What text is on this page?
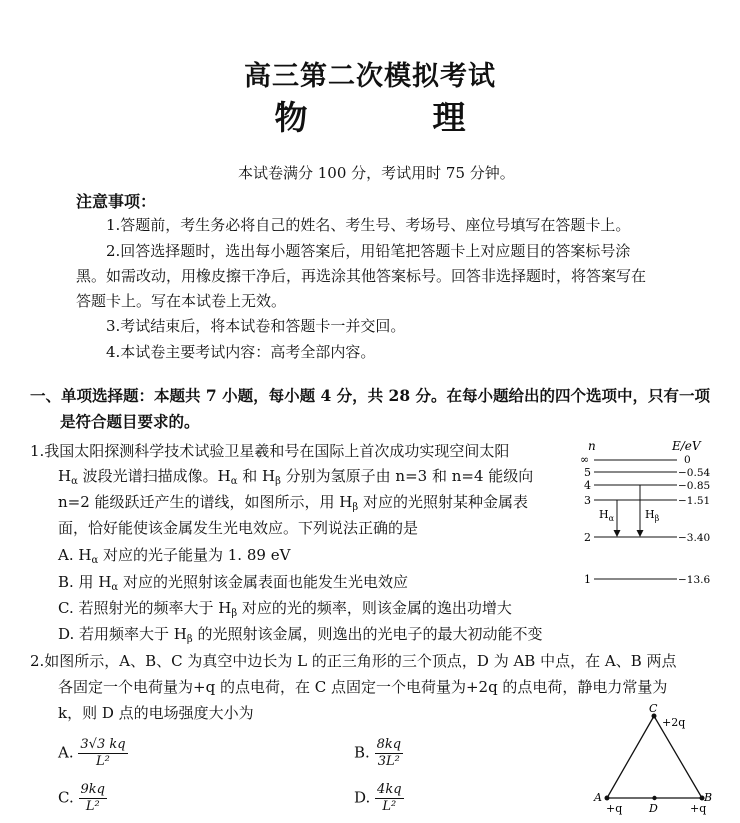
高三第二次模拟考试
物　理
本试卷满分 100 分，考试用时 75 分钟。
注意事项：
1.答题前，考生务必将自己的姓名、考生号、考场号、座位号填写在答题卡上。
2.回答选择题时，选出每小题答案后，用铅笔把答题卡上对应题目的答案标号涂
黑。如需改动，用橡皮擦干净后，再选涂其他答案标号。回答非选择题时，将答案写在
答题卡上。写在本试卷上无效。
3.考试结束后，将本试卷和答题卡一并交回。
4.本试卷主要考试内容：高考全部内容。
一、单项选择题：本题共 7 小题，每小题 4 分，共 28 分。在每小题给出的四个选项中，只有一项
是符合题目要求的。
1.我国太阳探测科学技术试验卫星羲和号在国际上首次成功实现空间太阳
$H_\alpha$ 波段光谱扫描成像。$H_\alpha$ 和 $H_\beta$ 分别为氢原子由 n=3 和 n=4 能级向
n=2 能级跃迁产生的谱线，如图所示，用 $H_\beta$ 对应的光照射某种金属表
面，恰好能使该金属发生光电效应。下列说法正确的是
A. $H_\alpha$ 对应的光子能量为 1. 89 eV
B. 用 $H_\alpha$ 对应的光照射该金属表面也能发生光电效应
C. 若照射光的频率大于 $H_\beta$ 对应的光的频率，则该金属的逸出功增大
D. 若用频率大于 $H_\beta$ 的光照射该金属，则逸出的光电子的最大初动能不变
n	E/eV
∞	0
5	−0.54
4	−0.85
3	−1.51
2	−3.40
1	−13.6
$H_\alpha$	$H_\beta$
2.如图所示，A、B、C 为真空中边长为 L 的正三角形的三个顶点，D 为 AB 中点，在 A、B 两点
各固定一个电荷量为+q 的点电荷，在 C 点固定一个电荷量为+2q 的点电荷，静电力常量为
k，则 D 点的电场强度大小为
A. $\frac{3√3 kq}{\text{L²}}$	B. $\frac{8kq}{\text{3L²}}$
C. $\frac{9kq}{\text{L²}}$	D. $\frac{4kq}{\text{L²}}$
C
+2q
A
+q
B
+q
D
